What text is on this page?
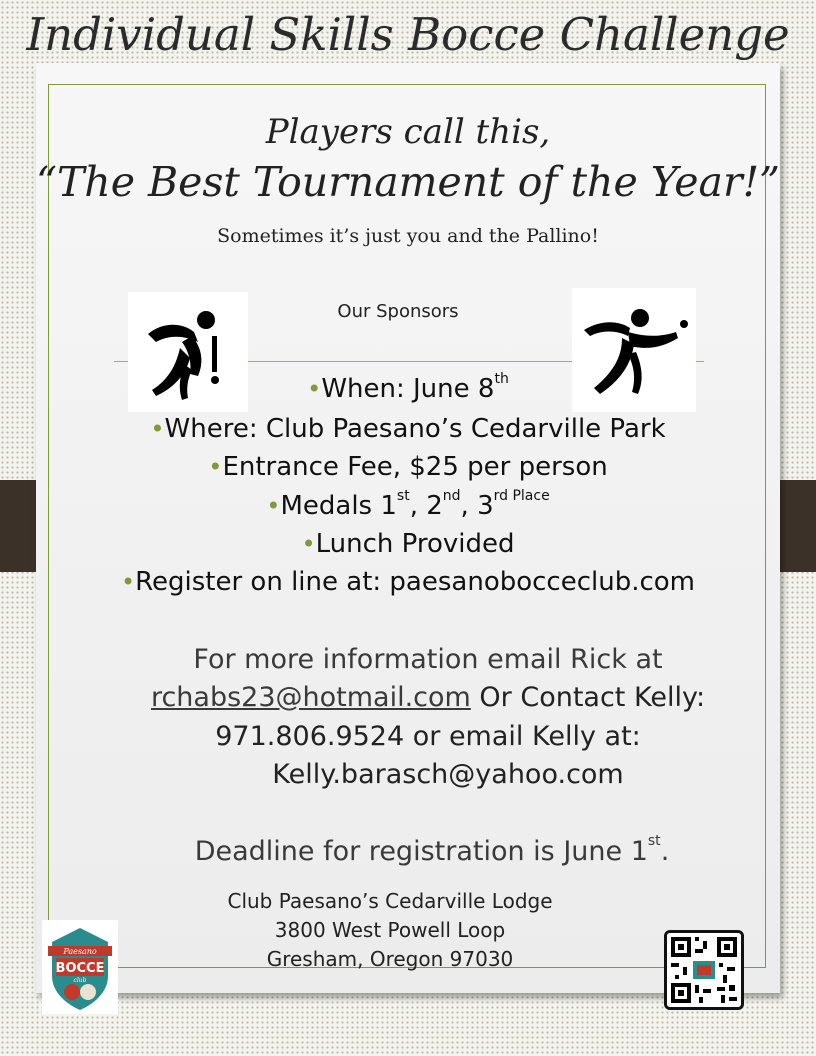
Individual Skills Bocce Challenge
Players call this,
“The Best Tournament of the Year!”
Sometimes it’s just you and the Pallino!
Our Sponsors
•When: June 8th
•Where: Club Paesano’s Cedarville Park
•Entrance Fee, $25 per person
•Medals 1st, 2nd, $3^{rd Place}$
•Lunch Provided
•Register on line at: paesanobocceclub.com
For more information email Rick at
rchabs23@hotmail.com Or Contact Kelly:
971.806.9524 or email Kelly at:
Kelly.barasch@yahoo.com
Deadline for registration is June 1st.
Club Paesano’s Cedarville Lodge
3800 West Powell Loop
Gresham, Oregon 97030
Paesano
BOCCE
club
